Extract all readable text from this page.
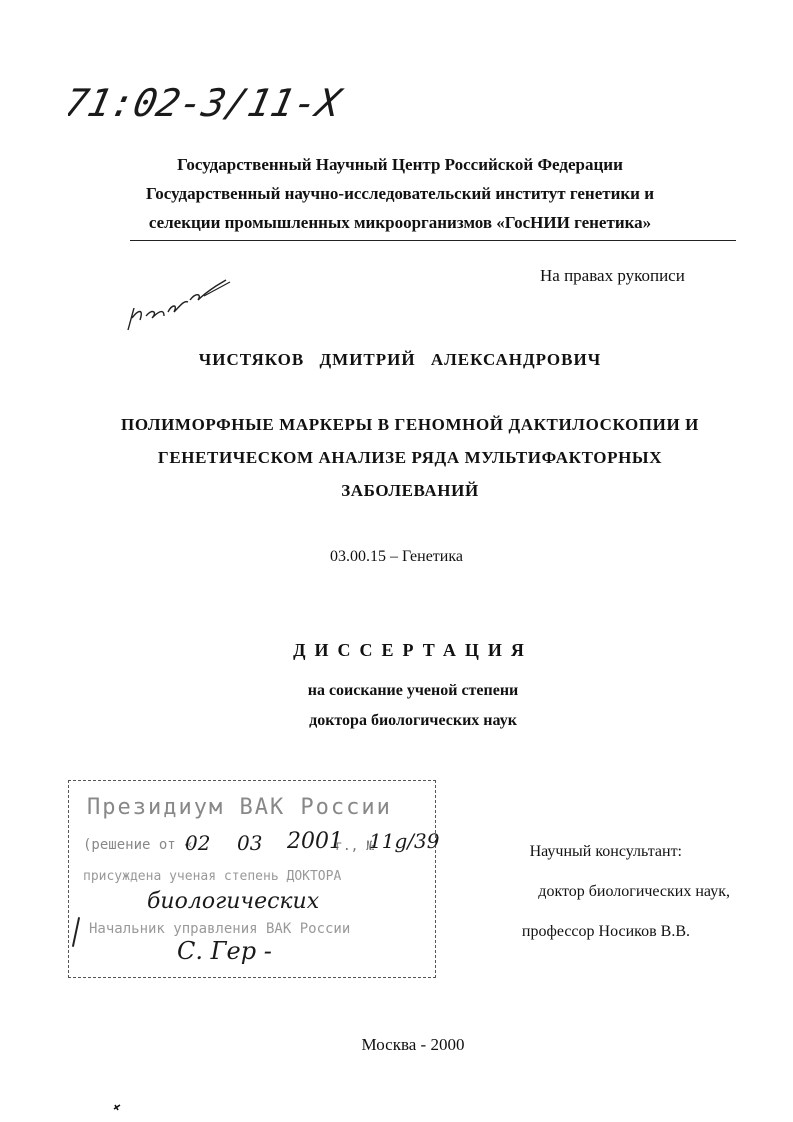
71:02-3/11-X
Государственный Научный Центр Российской Федерации
Государственный научно-исследовательский институт генетики и
селекции промышленных микроорганизмов «ГосНИИ генетика»
На правах рукописи
ЧИСТЯКОВ ДМИТРИЙ АЛЕКСАНДРОВИЧ
ПОЛИМОРФНЫЕ МАРКЕРЫ В ГЕНОМНОЙ ДАКТИЛОСКОПИИ И
ГЕНЕТИЧЕСКОМ АНАЛИЗЕ РЯДА МУЛЬТИФАКТОРНЫХ
ЗАБОЛЕВАНИЙ
03.00.15 – Генетика
ДИССЕРТАЦИЯ
на соискание ученой степени
доктора биологических наук
Президиум ВАК России
(решение от «
02 03 2001
г., №
11g/39
присуждена ученая степень ДОКТОРА
биологических
Начальник управления ВАК России
С. Гер -
Научный консультант:
доктор биологических наук,
профессор Носиков В.В.
Москва - 2000
